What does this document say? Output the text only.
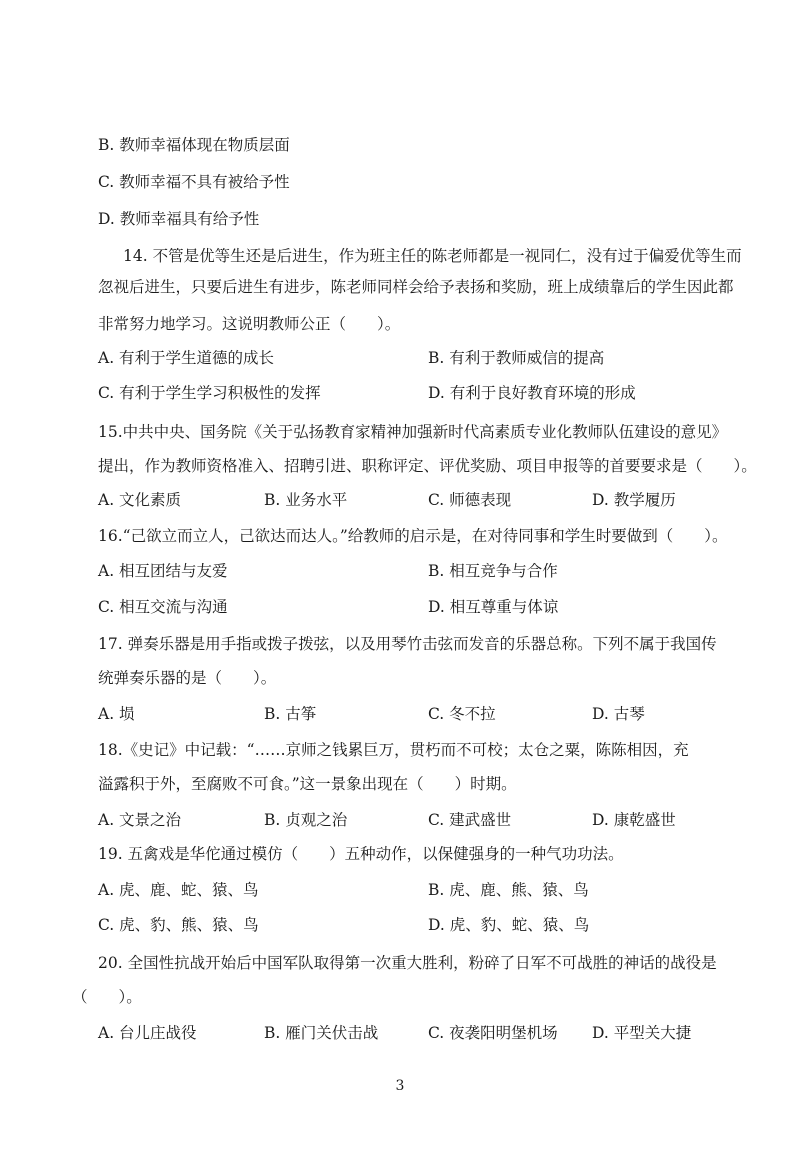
B. 教师幸福体现在物质层面
C. 教师幸福不具有被给予性
D. 教师幸福具有给予性
14. 不管是优等生还是后进生，作为班主任的陈老师都是一视同仁，没有过于偏爱优等生而
忽视后进生，只要后进生有进步，陈老师同样会给予表扬和奖励，班上成绩靠后的学生因此都
非常努力地学习。这说明教师公正（　　）。
A. 有利于学生道德的成长	B. 有利于教师威信的提高
C. 有利于学生学习积极性的发挥	D. 有利于良好教育环境的形成
15.中共中央、国务院《关于弘扬教育家精神加强新时代高素质专业化教师队伍建设的意见》
提出，作为教师资格准入、招聘引进、职称评定、评优奖励、项目申报等的首要要求是（　　）。
A. 文化素质	B. 业务水平	C. 师德表现	D. 教学履历
16.“己欲立而立人，己欲达而达人。”给教师的启示是，在对待同事和学生时要做到（　　）。
A. 相互团结与友爱	B. 相互竞争与合作
C. 相互交流与沟通	D. 相互尊重与体谅
17. 弹奏乐器是用手指或拨子拨弦，以及用琴竹击弦而发音的乐器总称。下列不属于我国传
统弹奏乐器的是（　　）。
A. 埙	B. 古筝	C. 冬不拉	D. 古琴
18.《史记》中记载：“……京师之钱累巨万，贯朽而不可校；太仓之粟，陈陈相因，充
溢露积于外，至腐败不可食。”这一景象出现在（　　）时期。
A. 文景之治	B. 贞观之治	C. 建武盛世	D. 康乾盛世
19. 五禽戏是华佗通过模仿（　　）五种动作，以保健强身的一种气功功法。
A. 虎、鹿、蛇、猿、鸟	B. 虎、鹿、熊、猿、鸟
C. 虎、豹、熊、猿、鸟	D. 虎、豹、蛇、猿、鸟
20. 全国性抗战开始后中国军队取得第一次重大胜利，粉碎了日军不可战胜的神话的战役是
（　　）。
A. 台儿庄战役	B. 雁门关伏击战	C. 夜袭阳明堡机场 D. 平型关大捷
3
